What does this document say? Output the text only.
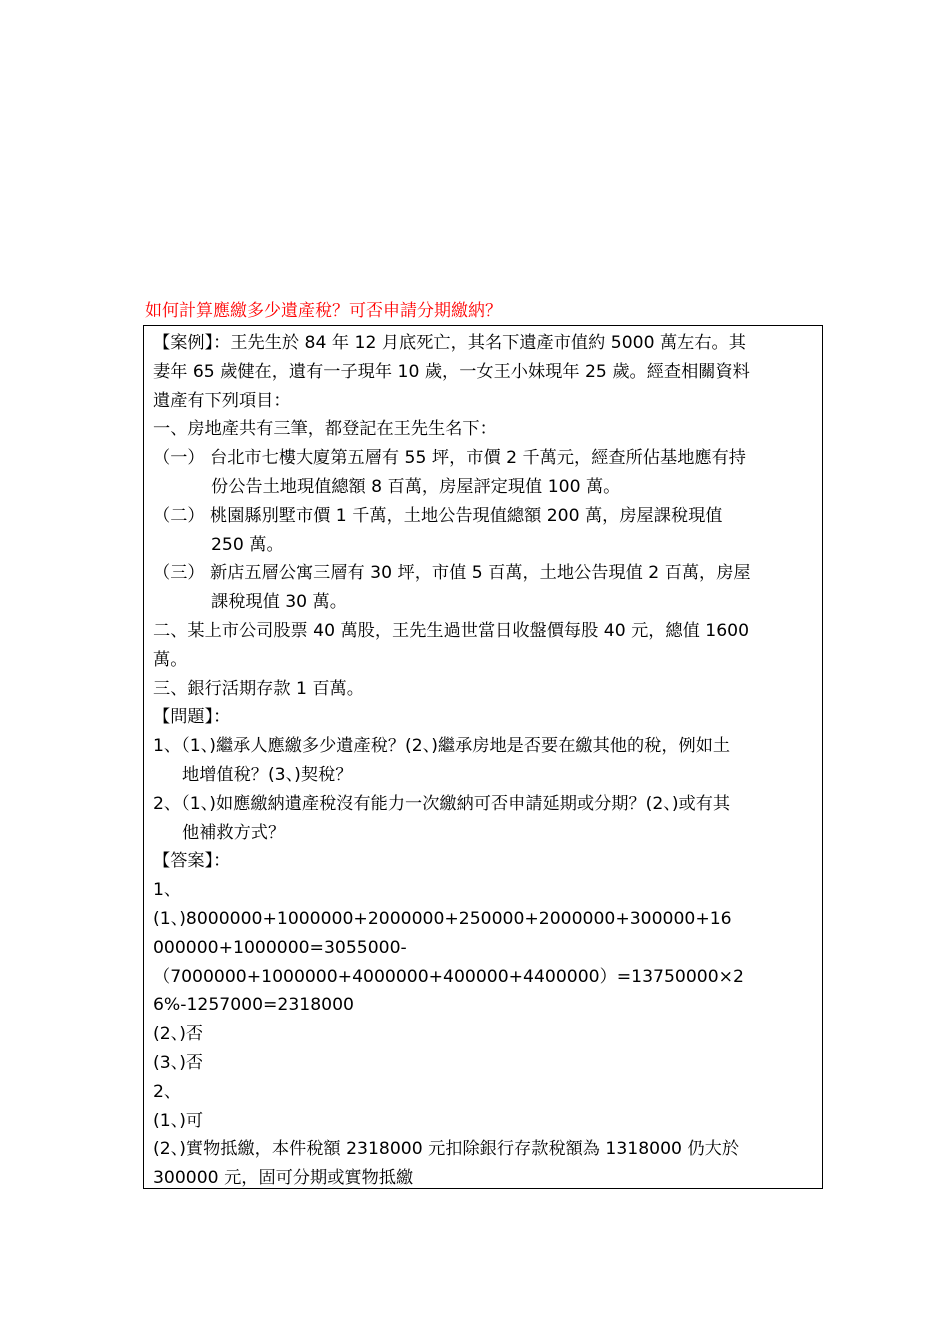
如何計算應繳多少遺產稅？可否申請分期繳納？
【案例】：王先生於 84 年 12 月底死亡，其名下遺產市值約 5000 萬左右。其
妻年 65 歲健在，遺有一子現年 10 歲，一女王小妹現年 25 歲。經查相關資料
遺產有下列項目：
一、房地產共有三筆，都登記在王先生名下：
（一） 台北市七樓大廈第五層有 55 坪，市價 2 千萬元，經查所佔基地應有持
份公告土地現值總額 8 百萬，房屋評定現值 100 萬。
（二） 桃園縣別墅市價 1 千萬，土地公告現值總額 200 萬，房屋課稅現值
250 萬。
（三） 新店五層公寓三層有 30 坪，市值 5 百萬，土地公告現值 2 百萬，房屋
課稅現值 30 萬。
二、某上市公司股票 40 萬股，王先生過世當日收盤價每股 40 元，總值 1600
萬。
三、銀行活期存款 1 百萬。
【問題】：
1、（1、)繼承人應繳多少遺產稅？(2、)繼承房地是否要在繳其他的稅，例如土
地增值稅？(3、)契稅？
2、（1、)如應繳納遺產稅沒有能力一次繳納可否申請延期或分期？(2、)或有其
他補救方式？
【答案】：
1、
(1、)8000000+1000000+2000000+250000+2000000+300000+16
000000+1000000=3055000-
（7000000+1000000+4000000+400000+4400000）=13750000×2
6%-1257000=2318000
(2、)否
(3、)否
2、
(1、)可
(2、)實物抵繳，本件稅額 2318000 元扣除銀行存款稅額為 1318000 仍大於
300000 元，固可分期或實物抵繳
